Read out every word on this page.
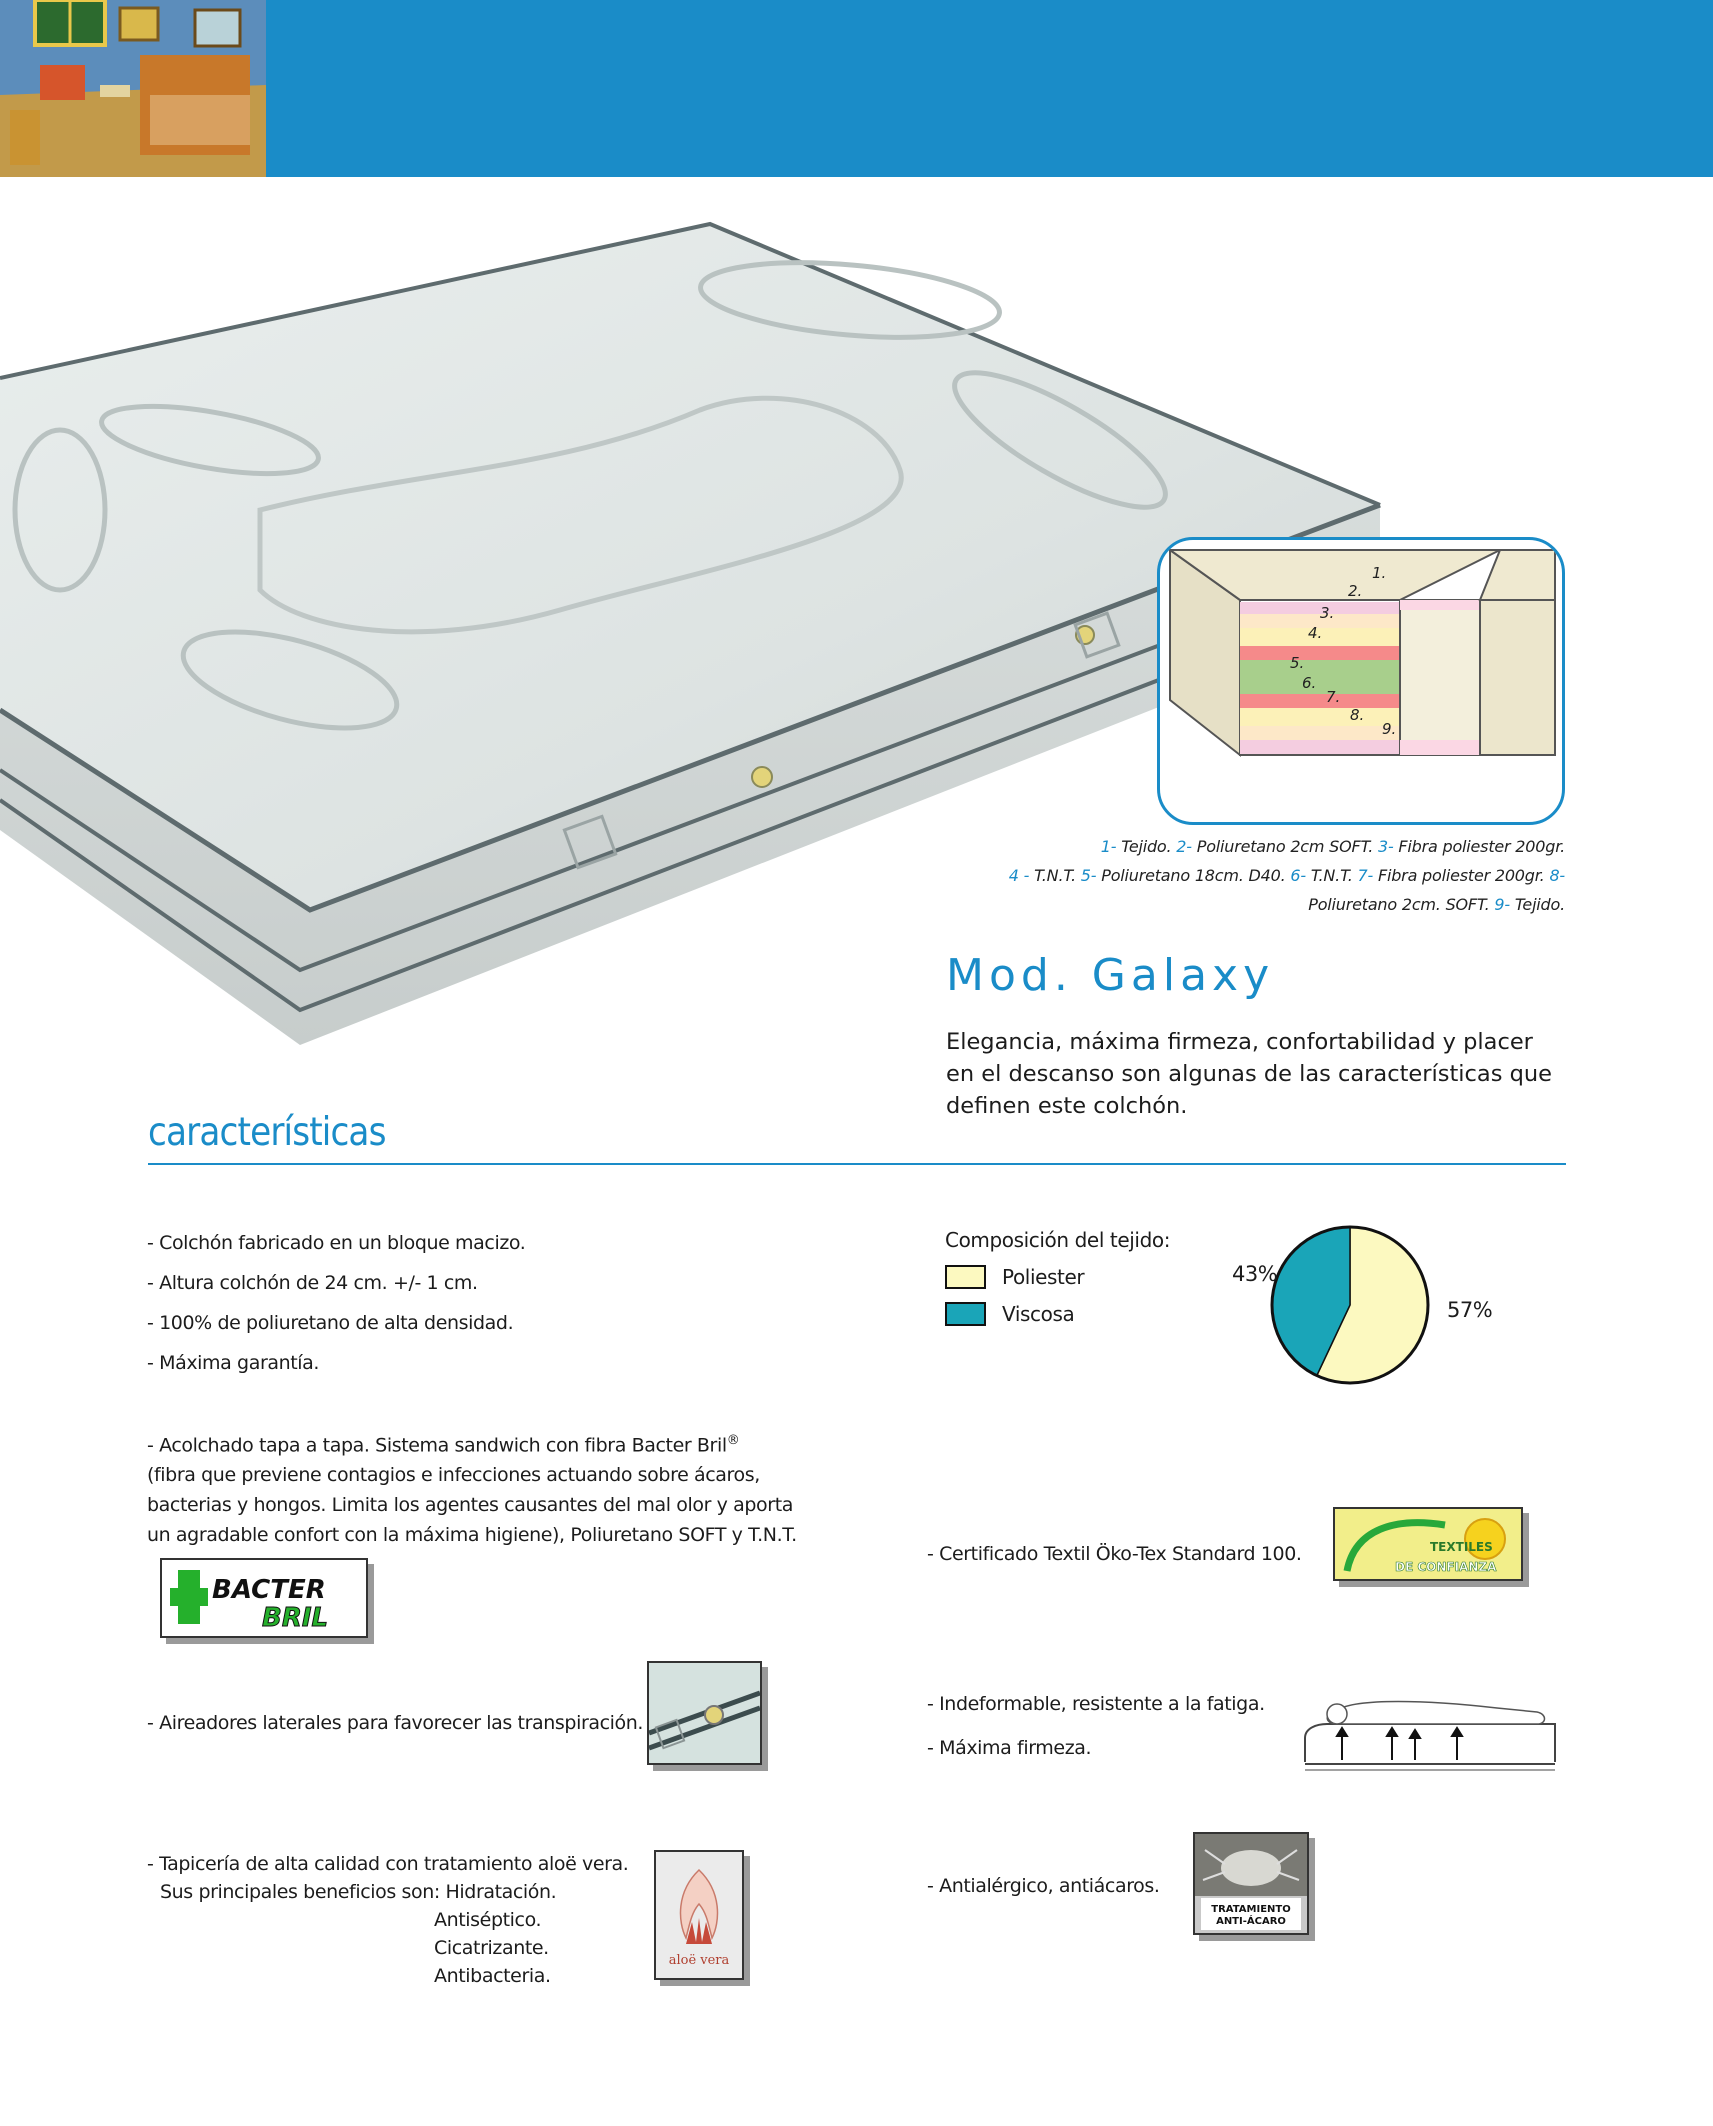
1.
2.
3.
4.
5.
6.
7.
8.
9.
1- Tejido. 2- Poliuretano 2cm SOFT. 3- Fibra poliester 200gr.
4 - T.N.T. 5- Poliuretano 18cm. D40. 6- T.N.T. 7- Fibra poliester 200gr. 8- Poliuretano 2cm. SOFT. 9- Tejido.
Mod. Galaxy
Elegancia, máxima firmeza, confortabilidad y placer en el descanso son algunas de las características que definen este colchón.
características
- Colchón fabricado en un bloque macizo.
- Altura colchón de 24 cm. +/- 1 cm.
- 100% de poliuretano de alta densidad.
- Máxima garantía.
Composición del tejido:
Poliester
Viscosa
43%
57%
- Acolchado tapa a tapa. Sistema sandwich con fibra Bacter Bril®
(fibra que previene contagios e infecciones actuando sobre ácaros,
bacterias y hongos. Limita los agentes causantes del mal olor y aporta
un agradable confort con la máxima higiene), Poliuretano SOFT y T.N.T.
BACTER
BRIL
- Certificado Textil Öko-Tex Standard 100.	TEXTILES
DE CONFIANZA
- Aireadores laterales para favorecer las transpiración.
- Indeformable, resistente a la fatiga.
- Máxima firmeza.
- Tapicería de alta calidad con tratamiento aloë vera.
Sus principales beneficios son: Hidratación.
Antiséptico.
Cicatrizante.
Antibacteria.
aloë vera
- Antialérgico, antiácaros.
TRATAMIENTO
ANTI-ÁCARO
